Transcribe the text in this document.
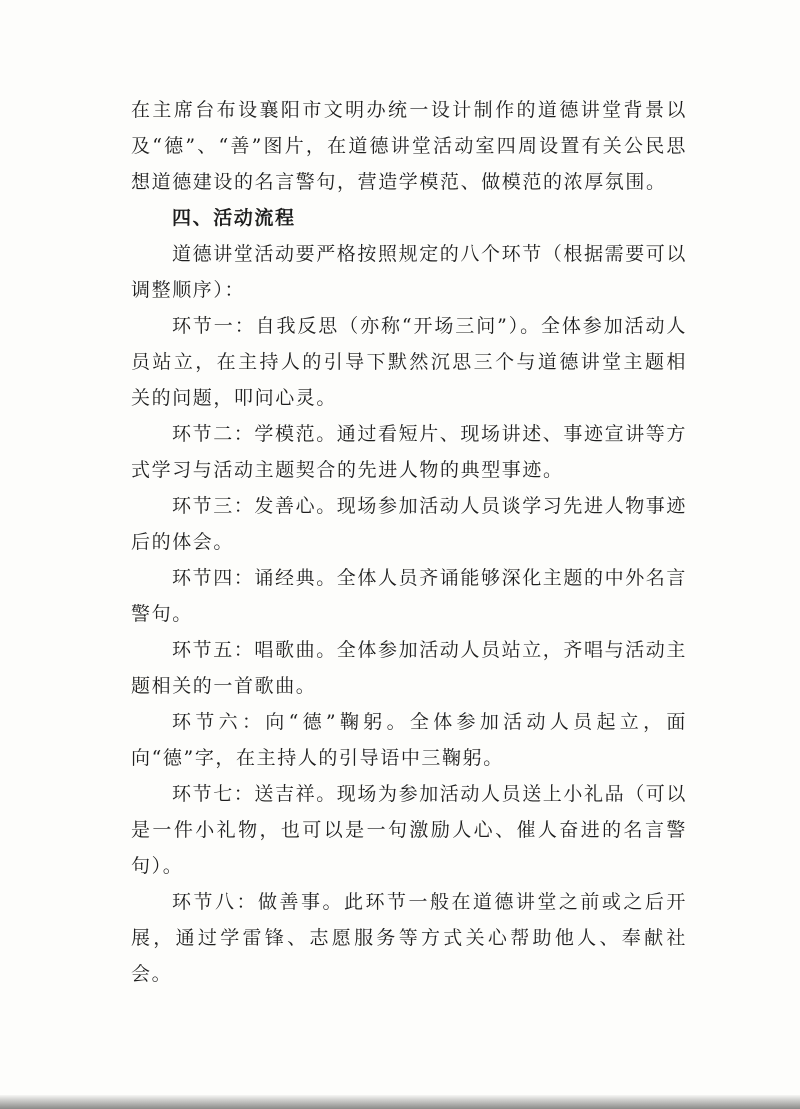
在主席台布设襄阳市文明办统一设计制作的道德讲堂背景以及“德”、“善”图片，在道德讲堂活动室四周设置有关公民思想道德建设的名言警句，营造学模范、做模范的浓厚氛围。

四、活动流程

道德讲堂活动要严格按照规定的八个环节（根据需要可以调整顺序）：

环节一：自我反思（亦称“开场三问”）。全体参加活动人员站立，在主持人的引导下默然沉思三个与道德讲堂主题相关的问题，叩问心灵。

环节二：学模范。通过看短片、现场讲述、事迹宣讲等方式学习与活动主题契合的先进人物的典型事迹。

环节三：发善心。现场参加活动人员谈学习先进人物事迹后的体会。

环节四：诵经典。全体人员齐诵能够深化主题的中外名言警句。

环节五：唱歌曲。全体参加活动人员站立，齐唱与活动主题相关的一首歌曲。

环节六：向“德”鞠躬。全体参加活动人员起立，面向“德”字，在主持人的引导语中三鞠躬。

环节七：送吉祥。现场为参加活动人员送上小礼品（可以是一件小礼物，也可以是一句激励人心、催人奋进的名言警句）。

环节八：做善事。此环节一般在道德讲堂之前或之后开展，通过学雷锋、志愿服务等方式关心帮助他人、奉献社会。
